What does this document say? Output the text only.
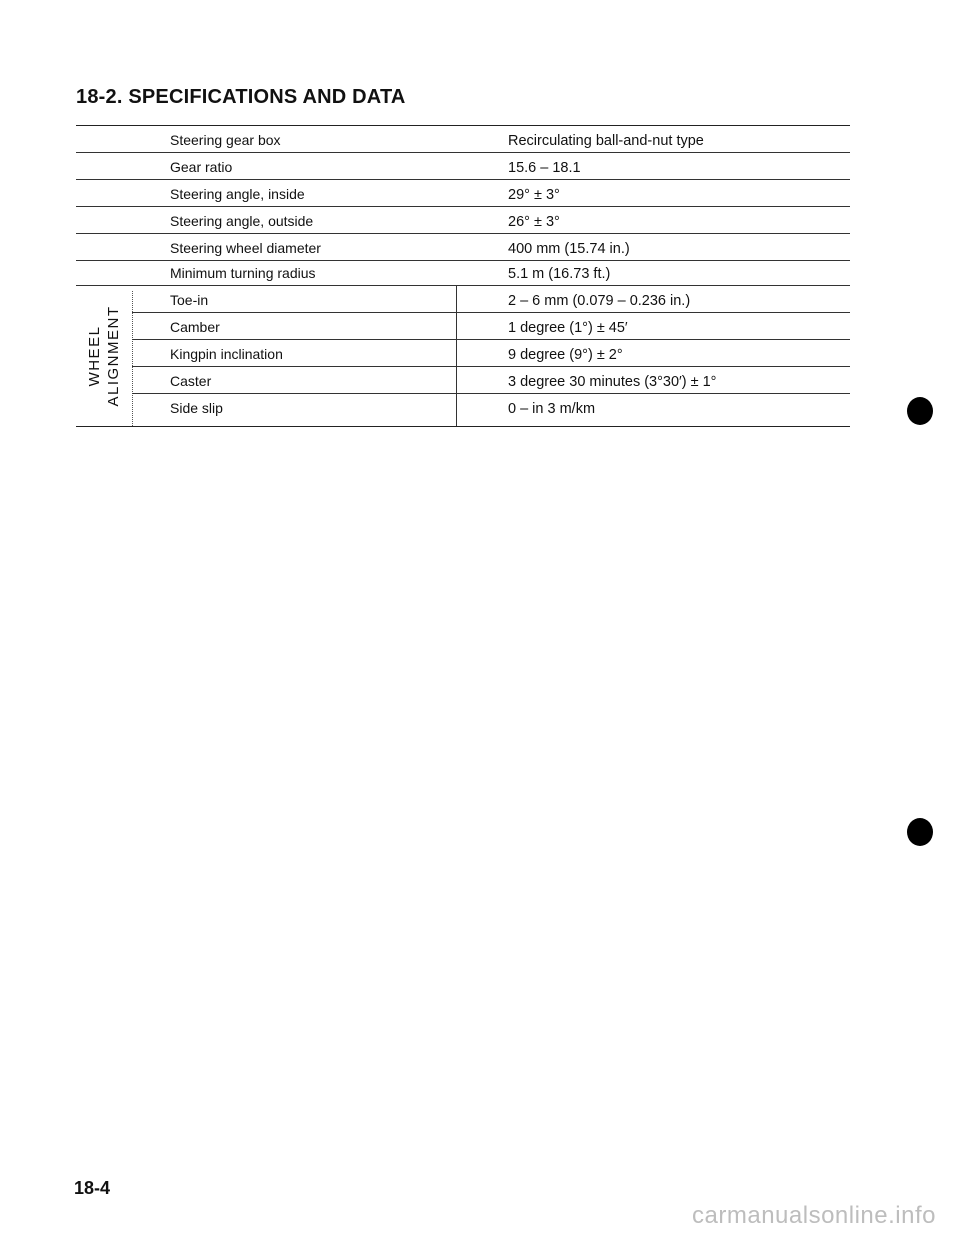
18-2. SPECIFICATIONS AND DATA
Steering gear box	Recirculating ball-and-nut type
Gear ratio	15.6 – 18.1
Steering angle, inside	29° ± 3°
Steering angle, outside	26° ± 3°
Steering wheel diameter	400 mm (15.74 in.)
Minimum turning radius	5.1 m (16.73 ft.)
WHEEL ALIGNMENT
Toe-in	2 – 6 mm (0.079 – 0.236 in.)
Camber	1 degree (1°) ± 45′
Kingpin inclination	9 degree (9°) ± 2°
Caster	3 degree 30 minutes (3°30′) ± 1°
Side slip	0 – in 3 m/km
18-4
carmanualsonline.info
